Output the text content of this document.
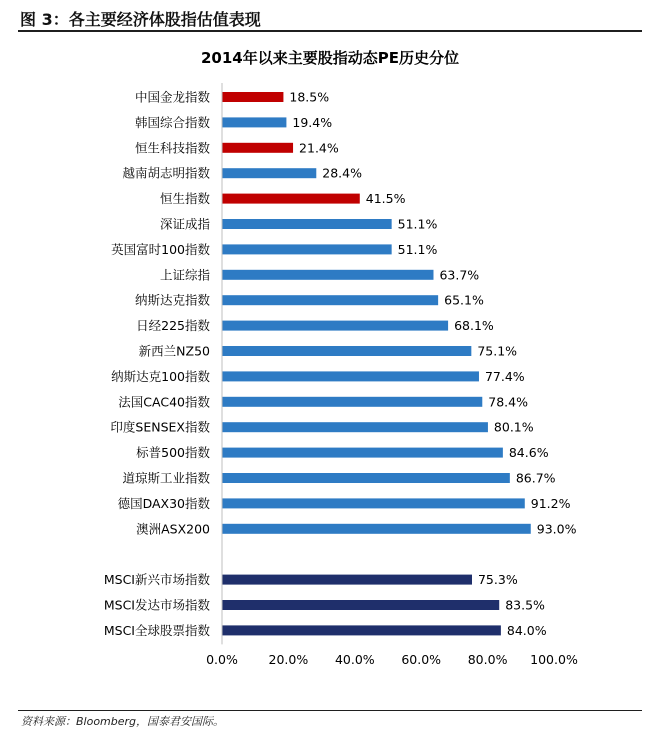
图 3：各主要经济体股指估值表现
2014年以来主要股指动态PE历史分位
中国金龙指数	18.5%
韩国综合指数	19.4%
恒生科技指数	21.4%
越南胡志明指数	28.4%
恒生指数	41.5%
深证成指	51.1%
英国富时100指数	51.1%
上证综指	63.7%
纳斯达克指数	65.1%
日经225指数	68.1%
新西兰NZ50	75.1%
纳斯达克100指数	77.4%
法国CAC40指数	78.4%
印度SENSEX指数	80.1%
标普500指数	84.6%
道琼斯工业指数	86.7%
德国DAX30指数	91.2%
澳洲ASX200	93.0%
MSCI新兴市场指数	75.3%
MSCI发达市场指数	83.5%
MSCI全球股票指数	84.0%
0.0% 20.0% 40.0% 60.0% 80.0% 100.0%
资料来源：Bloomberg，国泰君安国际。
